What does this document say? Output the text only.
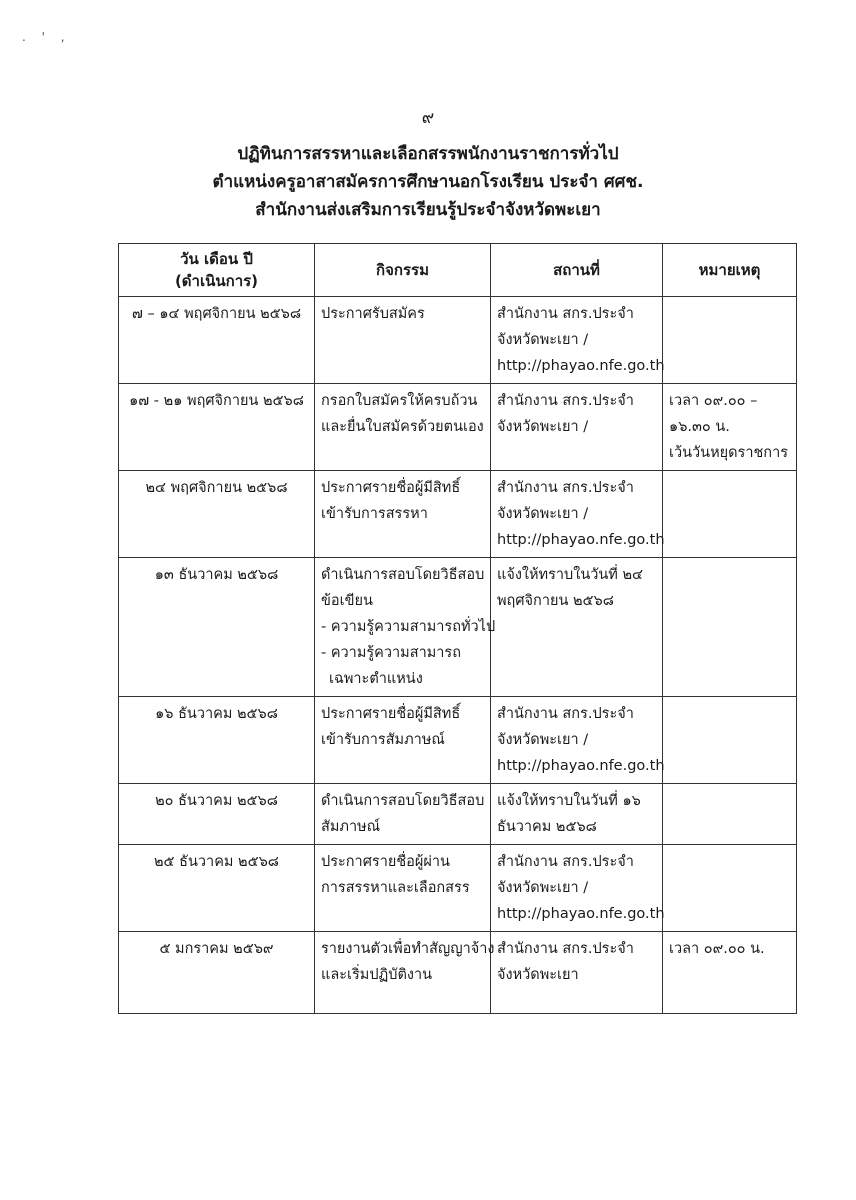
. ' ,
๙
ปฏิทินการสรรหาและเลือกสรรพนักงานราชการทั่วไป
ตำแหน่งครูอาสาสมัครการศึกษานอกโรงเรียน ประจำ ศศช.
สำนักงานส่งเสริมการเรียนรู้ประจำจังหวัดพะเยา
วัน เดือน ปี
(ดำเนินการ)	กิจกรรม	สถานที่	หมายเหตุ
๗ – ๑๔ พฤศจิกายน ๒๕๖๘	ประกาศรับสมัคร	สำนักงาน สกร.ประจำ
จังหวัดพะเยา /
http://phayao.nfe.go.th	

๑๗ - ๒๑ พฤศจิกายน ๒๕๖๘	กรอกใบสมัครให้ครบถ้วน
และยื่นใบสมัครด้วยตนเอง	สำนักงาน สกร.ประจำ
จังหวัดพะเยา /	เวลา ๐๙.๐๐ –
๑๖.๓๐ น.
เว้นวันหยุดราชการ

๒๔ พฤศจิกายน ๒๕๖๘	ประกาศรายชื่อผู้มีสิทธิ์
เข้ารับการสรรหา	สำนักงาน สกร.ประจำ
จังหวัดพะเยา /
http://phayao.nfe.go.th	

๑๓ ธันวาคม ๒๕๖๘	ดำเนินการสอบโดยวิธีสอบ
ข้อเขียน
- ความรู้ความสามารถทั่วไป
- ความรู้ความสามารถ
เฉพาะตำแหน่ง	แจ้งให้ทราบในวันที่ ๒๔
พฤศจิกายน ๒๕๖๘	

๑๖ ธันวาคม ๒๕๖๘	ประกาศรายชื่อผู้มีสิทธิ์
เข้ารับการสัมภาษณ์	สำนักงาน สกร.ประจำ
จังหวัดพะเยา /
http://phayao.nfe.go.th	

๒๐ ธันวาคม ๒๕๖๘	ดำเนินการสอบโดยวิธีสอบ
สัมภาษณ์	แจ้งให้ทราบในวันที่ ๑๖
ธันวาคม ๒๕๖๘	

๒๕ ธันวาคม ๒๕๖๘	ประกาศรายชื่อผู้ผ่าน
การสรรหาและเลือกสรร	สำนักงาน สกร.ประจำ
จังหวัดพะเยา /
http://phayao.nfe.go.th	

๕ มกราคม ๒๕๖๙	รายงานตัวเพื่อทำสัญญาจ้าง
และเริ่มปฏิบัติงาน	สำนักงาน สกร.ประจำ
จังหวัดพะเยา	เวลา ๐๙.๐๐ น.
